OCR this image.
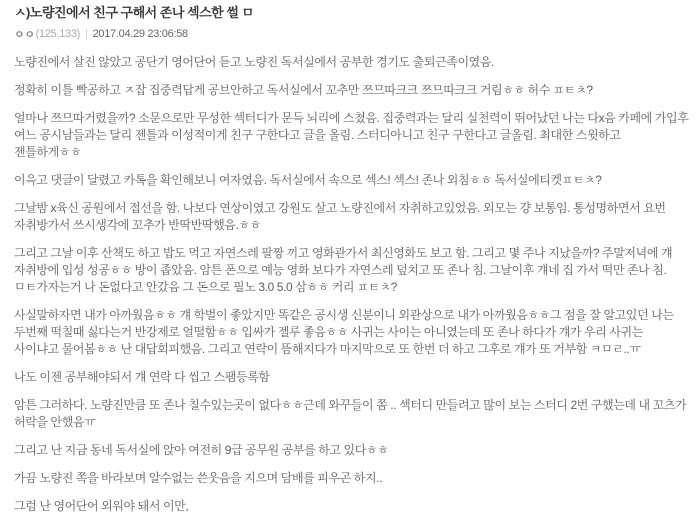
ㅅ)노량진에서 친구 구해서 존나 섹스한 썰 ㅁ
ㅇㅇ (125.133) | 2017.04.29 23:06:58

노량진에서 살진 않았고 공단기 영어단어 듣고 노량진 독서실에서 공부한 경기도 출퇴근족이였음.

정확히 이틀 빡공하고 ㅈ잡 집중력답게 공브안하고 독서실에서 꼬추만 쯔므따크크 쯔므따크크 거림ㅎㅎ 허수 ㅍㅌㅊ?

얼마나 쯔므따거렸을까? 소문으로만 무성한 섹터디가 문득 뇌리에 스쳤음. 집중력과는 달리 실천력이 뛰어났던 나는 다x음 카페에 가입후 여느 공시남들과는 달리 젠틀과 이성적이게 친구 구한다고 글을 올림. 스터디아니고 친구 구한다고 글올림. 최대한 스윗하고 젠틀하게ㅎㅎ

이윽고 댓글이 달렸고 카톡을 확인해보니 여자였음. 독서실에서 속으로 섹스! 섹스! 존나 외침ㅎㅎ 독서실에티켓ㅍㅌㅊ?

그날밤 x육신 공원에서 접선을 함. 나보다 연상이였고 강원도 살고 노량진에서 자취하고있었음. 외모는 걍 보통임. 통성명하면서 요번 자취방가서 쓰시생각에 꼬추가 반딱반딱했음.ㅎㅎ

그리고 그날 이후 산책도 하고 밥도 먹고 자연스레 팔짱 끼고 영화관가서 최신영화도 보고 함. 그리고 몇 주나 지났을까? 주말저녁에 걔 자취방에 입성 성공ㅎㅎ 방이 좁았음. 암튼 폰으로 예능 영화 보다가 자연스레 덮치고 또 존나 침. 그날이후 걔네 집 가서 떡만 존나 침. ㅁㅌ가자는거 나 돈없다고 안갔음 그 돈으로 필노 3.0 5.0 삼ㅎㅎ 커리 ㅍㅌㅊ?

사실말하자면 내가 아까웠음ㅎㅎ 걔 학벌이 좋았지만 똑같은 공시생 신분이니 외관상으로 내가 아까웠음ㅎㅎ그 점을 잘 알고있던 나는 두번째 떡칠때 싫다는거 반강제로 얼떨함ㅎㅎ 입싸가 젤루 좋음ㅎㅎ 사귀는 사이는 아니였는데 또 존나 하다가 걔가 우리 사귀는 사이냐고 물어봄ㅎㅎ 난 대답회피했음. 그리고 연락이 뜸해지다가 마지막으로 또 한번 더 하고 그후로 걔가 또 거부함 ㅋㅁㄹ..ㅠ

나도 이젠 공부해야되서 걔 연락 다 씹고 스팸등록함

암튼 그러하다. 노량진만큼 또 존나 칠수있는곳이 없다ㅎㅎ근데 와꾸들이 쫌 .. 섹터디 만들려고 많이 보는 스터디 2번 구했는데 내 꼬츠가 허락을 안했음ㅠ

그리고 난 지금 동네 독서실에 앉아 여전히 9급 공무원 공부를 하고 있다ㅎㅎ

가끔 노량진 쪽을 바라보며 알수없는 쓴웃음을 지으며 담배를 피우곤 하지..

그럼 난 영어단어 외워야 돼서 이만,
